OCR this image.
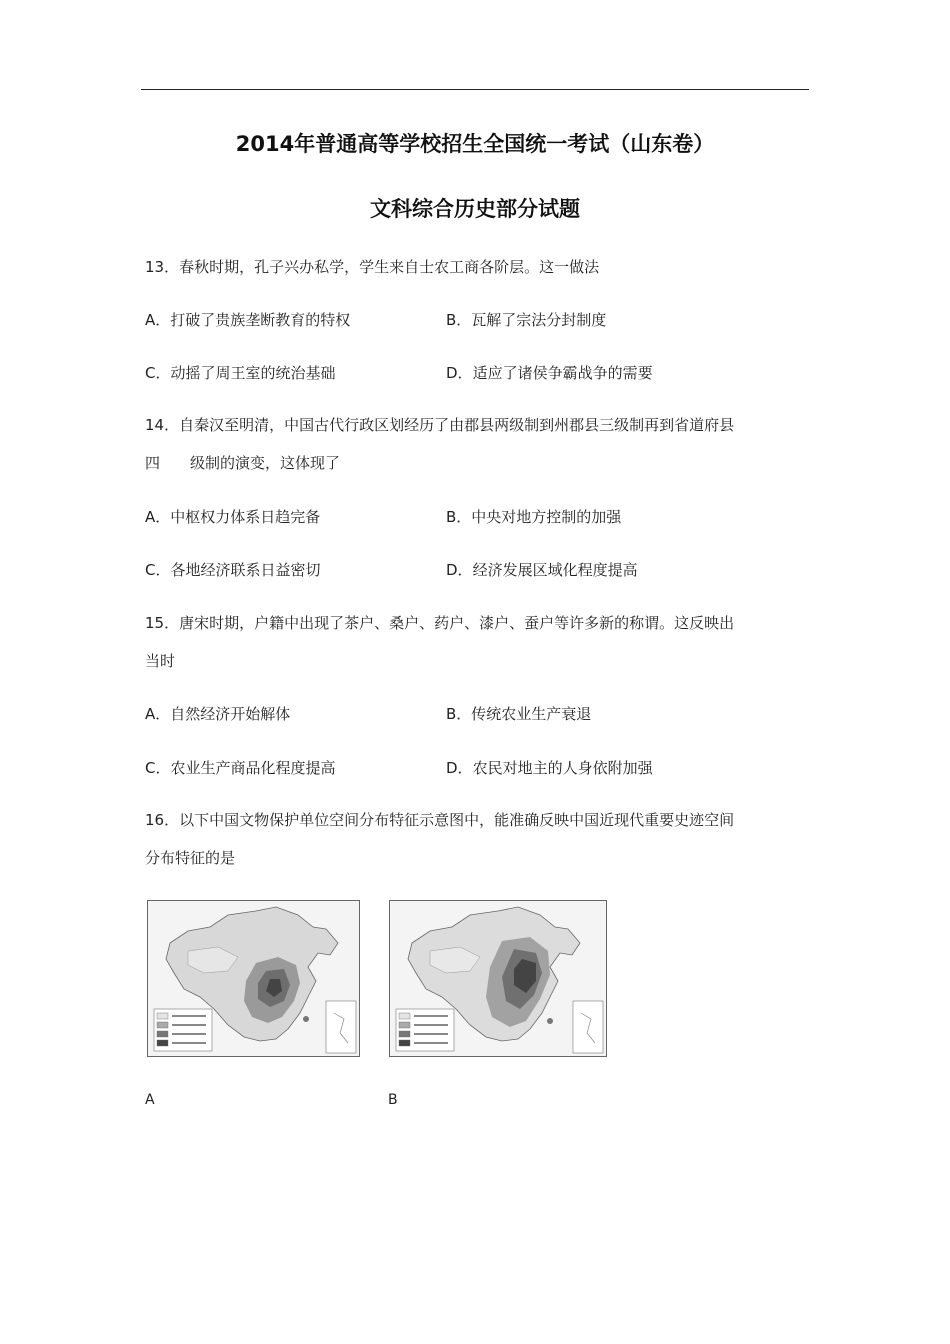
2014年普通高等学校招生全国统一考试（山东卷）
文科综合历史部分试题
13．春秋时期，孔子兴办私学，学生来自士农工商各阶层。这一做法
A．打破了贵族垄断教育的特权	B．瓦解了宗法分封制度
C．动摇了周王室的统治基础	D．适应了诸侯争霸战争的需要
14．自秦汉至明清，中国古代行政区划经历了由郡县两级制到州郡县三级制再到省道府县
四　　级制的演变，这体现了
A．中枢权力体系日趋完备	B．中央对地方控制的加强
C．各地经济联系日益密切	D．经济发展区域化程度提高
15．唐宋时期，户籍中出现了茶户、桑户、药户、漆户、蚕户等许多新的称谓。这反映出
当时
A．自然经济开始解体	B．传统农业生产衰退
C．农业生产商品化程度提高	D．农民对地主的人身依附加强
16．以下中国文物保护单位空间分布特征示意图中，能准确反映中国近现代重要史迹空间
分布特征的是
A	B
